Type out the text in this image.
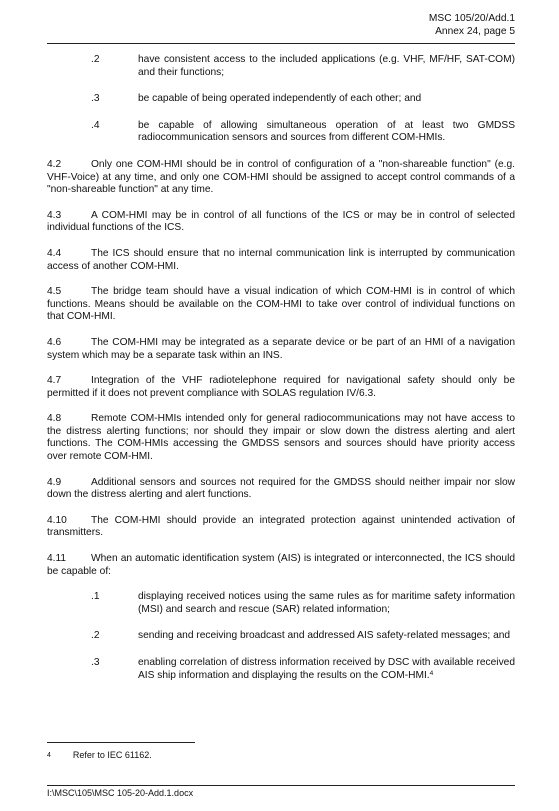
MSC 105/20/Add.1
Annex 24, page 5
.2	have consistent access to the included applications (e.g. VHF, MF/HF, SAT-COM) and their functions;
.3	be capable of being operated independently of each other; and
.4	be capable of allowing simultaneous operation of at least two GMDSS radiocommunication sensors and sources from different COM-HMIs.

4.2	Only one COM-HMI should be in control of configuration of a "non-shareable function" (e.g. VHF-Voice) at any time, and only one COM-HMI should be assigned to accept control commands of a "non-shareable function" at any time.

4.3	A COM-HMI may be in control of all functions of the ICS or may be in control of selected individual functions of the ICS.

4.4	The ICS should ensure that no internal communication link is interrupted by communication access of another COM-HMI.

4.5	The bridge team should have a visual indication of which COM-HMI is in control of which functions. Means should be available on the COM-HMI to take over control of individual functions on that COM-HMI.

4.6	The COM-HMI may be integrated as a separate device or be part of an HMI of a navigation system which may be a separate task within an INS.

4.7	Integration of the VHF radiotelephone required for navigational safety should only be permitted if it does not prevent compliance with SOLAS regulation IV/6.3.

4.8	Remote COM-HMIs intended only for general radiocommunications may not have access to the distress alerting functions; nor should they impair or slow down the distress alerting and alert functions. The COM-HMIs accessing the GMDSS sensors and sources should have priority access over remote COM-HMI.

4.9	Additional sensors and sources not required for the GMDSS should neither impair nor slow down the distress alerting and alert functions.

4.10 The COM-HMI should provide an integrated protection against unintended activation of transmitters.

4.11 When an automatic identification system (AIS) is integrated or interconnected, the ICS should be capable of:

.1	displaying received notices using the same rules as for maritime safety information (MSI) and search and rescue (SAR) related information;
.2	sending and receiving broadcast and addressed AIS safety-related messages; and
.3	enabling correlation of distress information received by DSC with available received AIS ship information and displaying the results on the COM-HMI.$^4$
$^4$ Refer to IEC 61162.
I:\MSC\105\MSC 105-20-Add.1.docx
